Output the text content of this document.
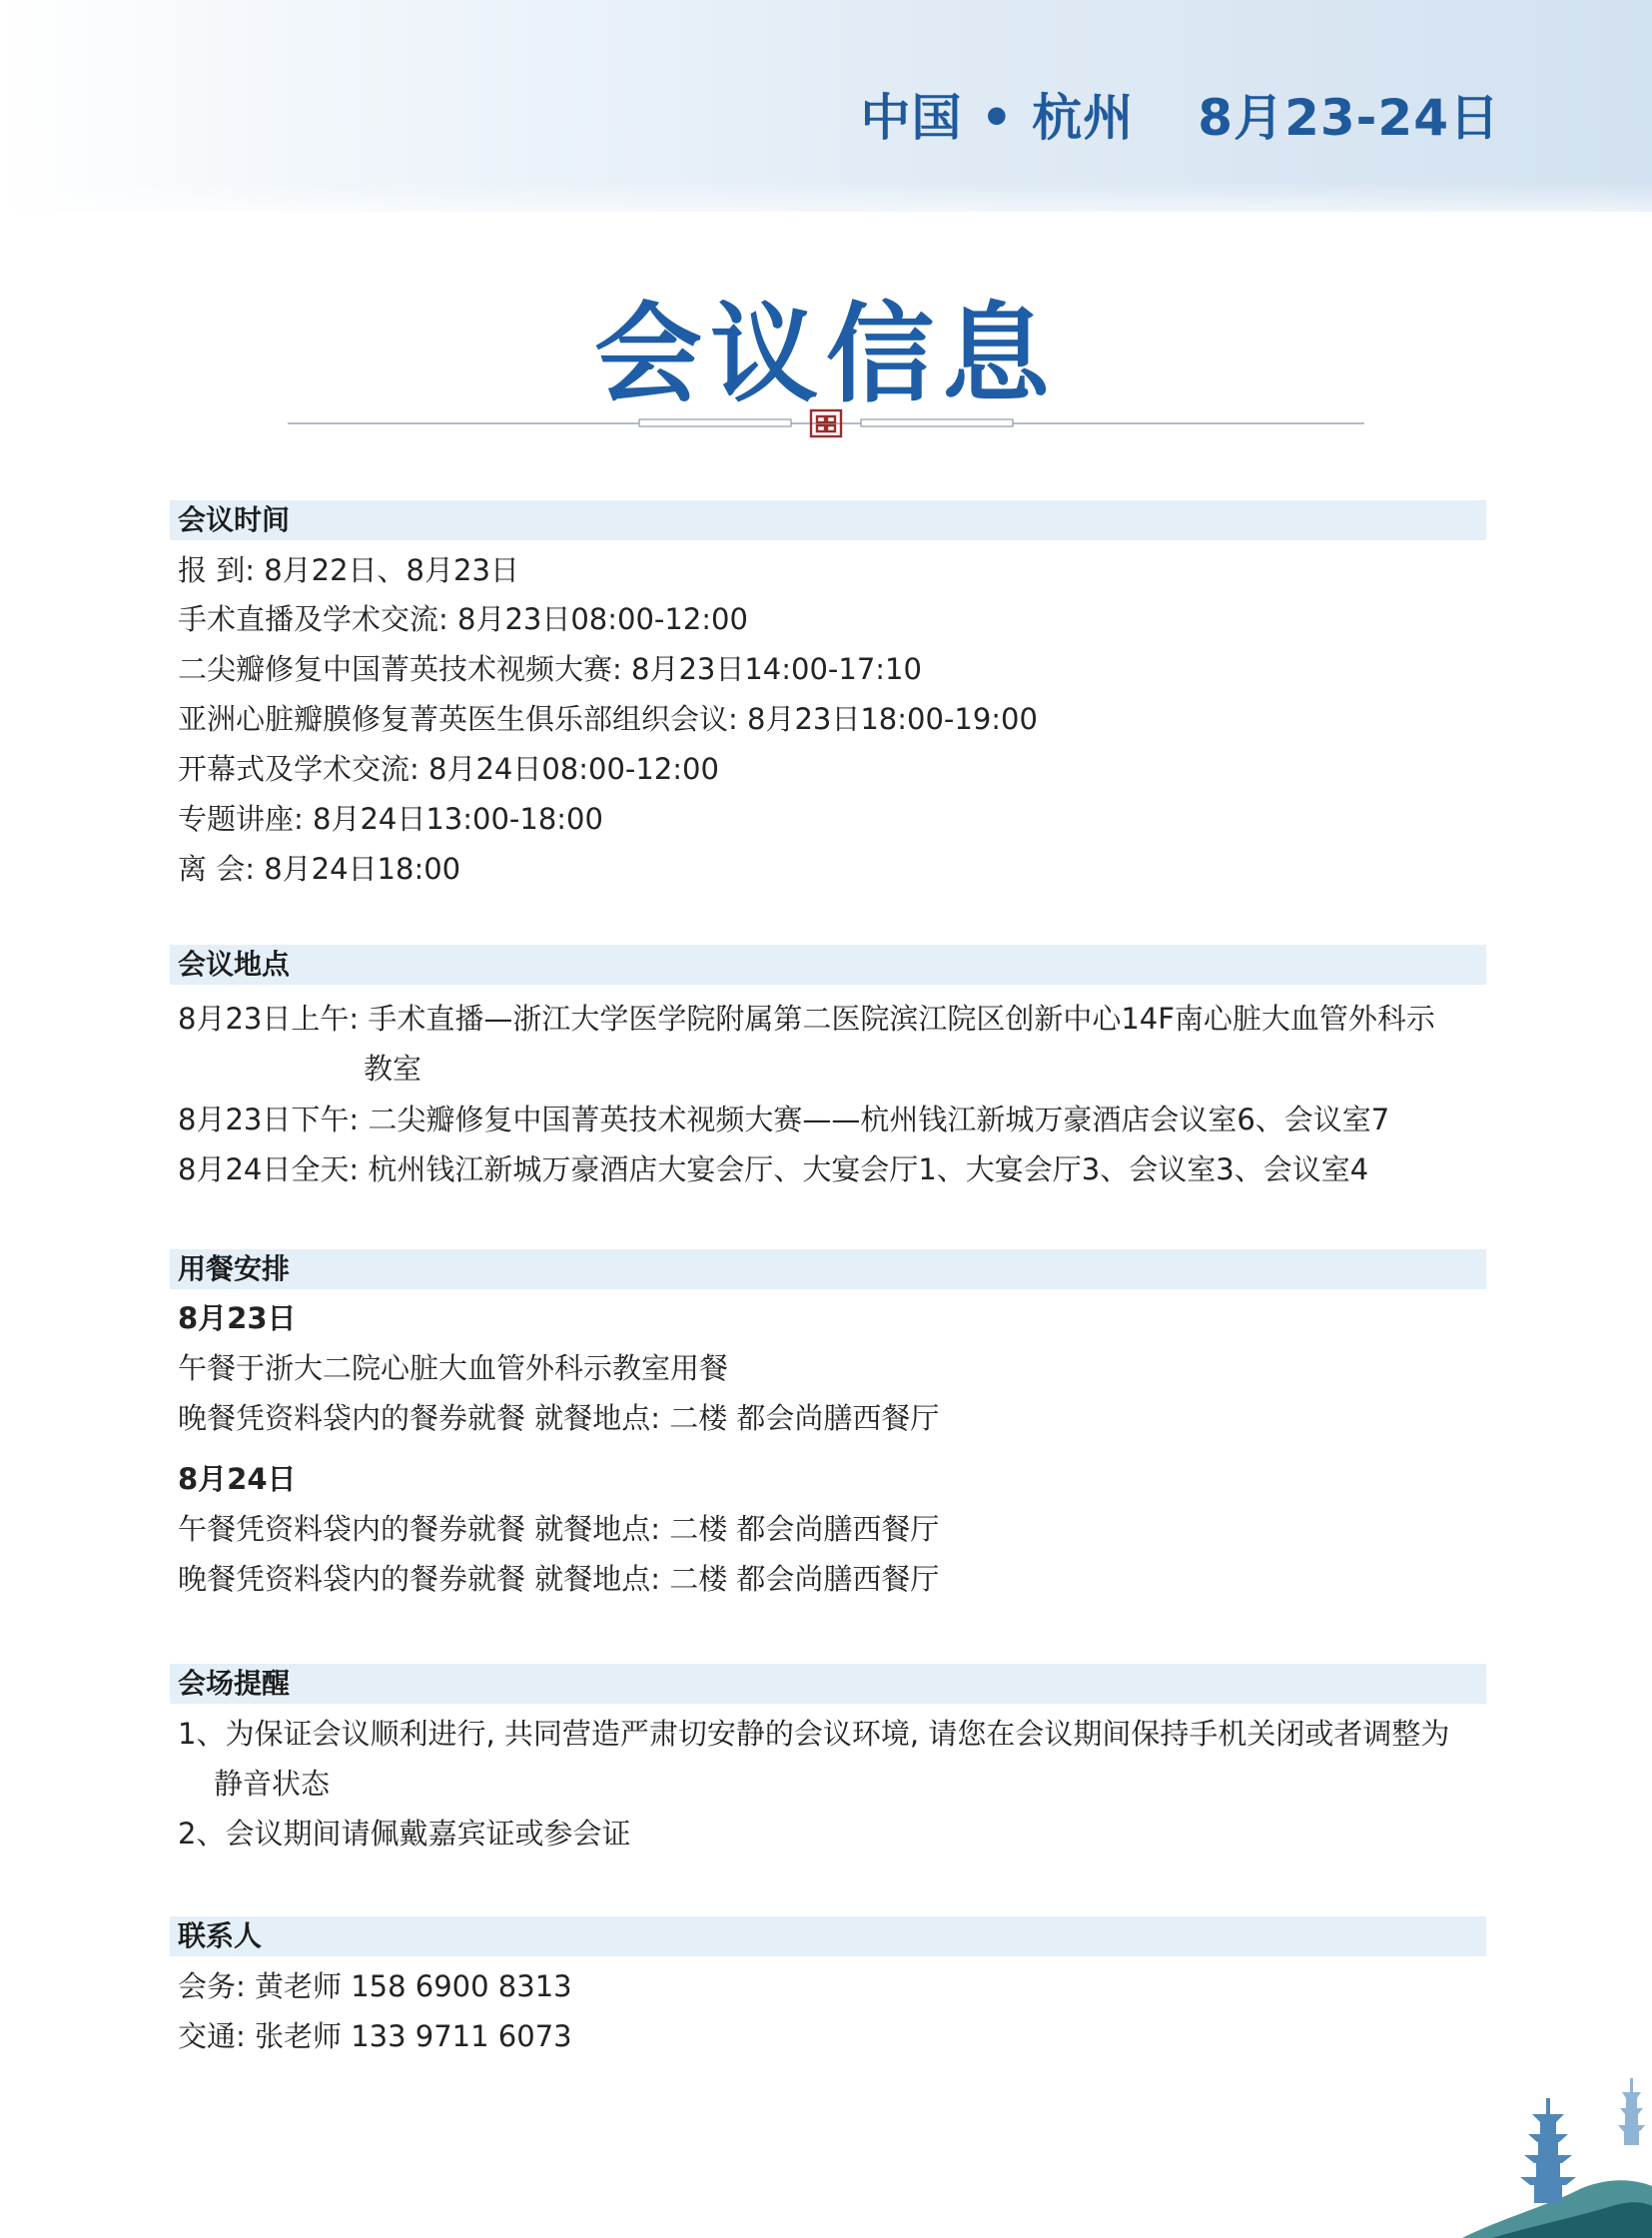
中国 • 杭州 8月23-24日
会议信息
会议时间
报 到: 8月22日、8月23日
手术直播及学术交流: 8月23日08:00-12:00
二尖瓣修复中国菁英技术视频大赛: 8月23日14:00-17:10
亚洲心脏瓣膜修复菁英医生俱乐部组织会议: 8月23日18:00-19:00
开幕式及学术交流: 8月24日08:00-12:00
专题讲座: 8月24日13:00-18:00
离 会: 8月24日18:00
会议地点
8月23日上午: 手术直播—浙江大学医学院附属第二医院滨江院区创新中心14F南心脏大血管外科示
教室
8月23日下午: 二尖瓣修复中国菁英技术视频大赛——杭州钱江新城万豪酒店会议室6、会议室7
8月24日全天: 杭州钱江新城万豪酒店大宴会厅、大宴会厅1、大宴会厅3、会议室3、会议室4
用餐安排
8月23日
午餐于浙大二院心脏大血管外科示教室用餐
晚餐凭资料袋内的餐券就餐 就餐地点: 二楼 都会尚膳西餐厅
8月24日
午餐凭资料袋内的餐券就餐 就餐地点: 二楼 都会尚膳西餐厅
晚餐凭资料袋内的餐券就餐 就餐地点: 二楼 都会尚膳西餐厅
会场提醒
1、为保证会议顺利进行, 共同营造严肃切安静的会议环境, 请您在会议期间保持手机关闭或者调整为
静音状态
2、会议期间请佩戴嘉宾证或参会证
联系人
会务: 黄老师 158 6900 8313
交通: 张老师 133 9711 6073
